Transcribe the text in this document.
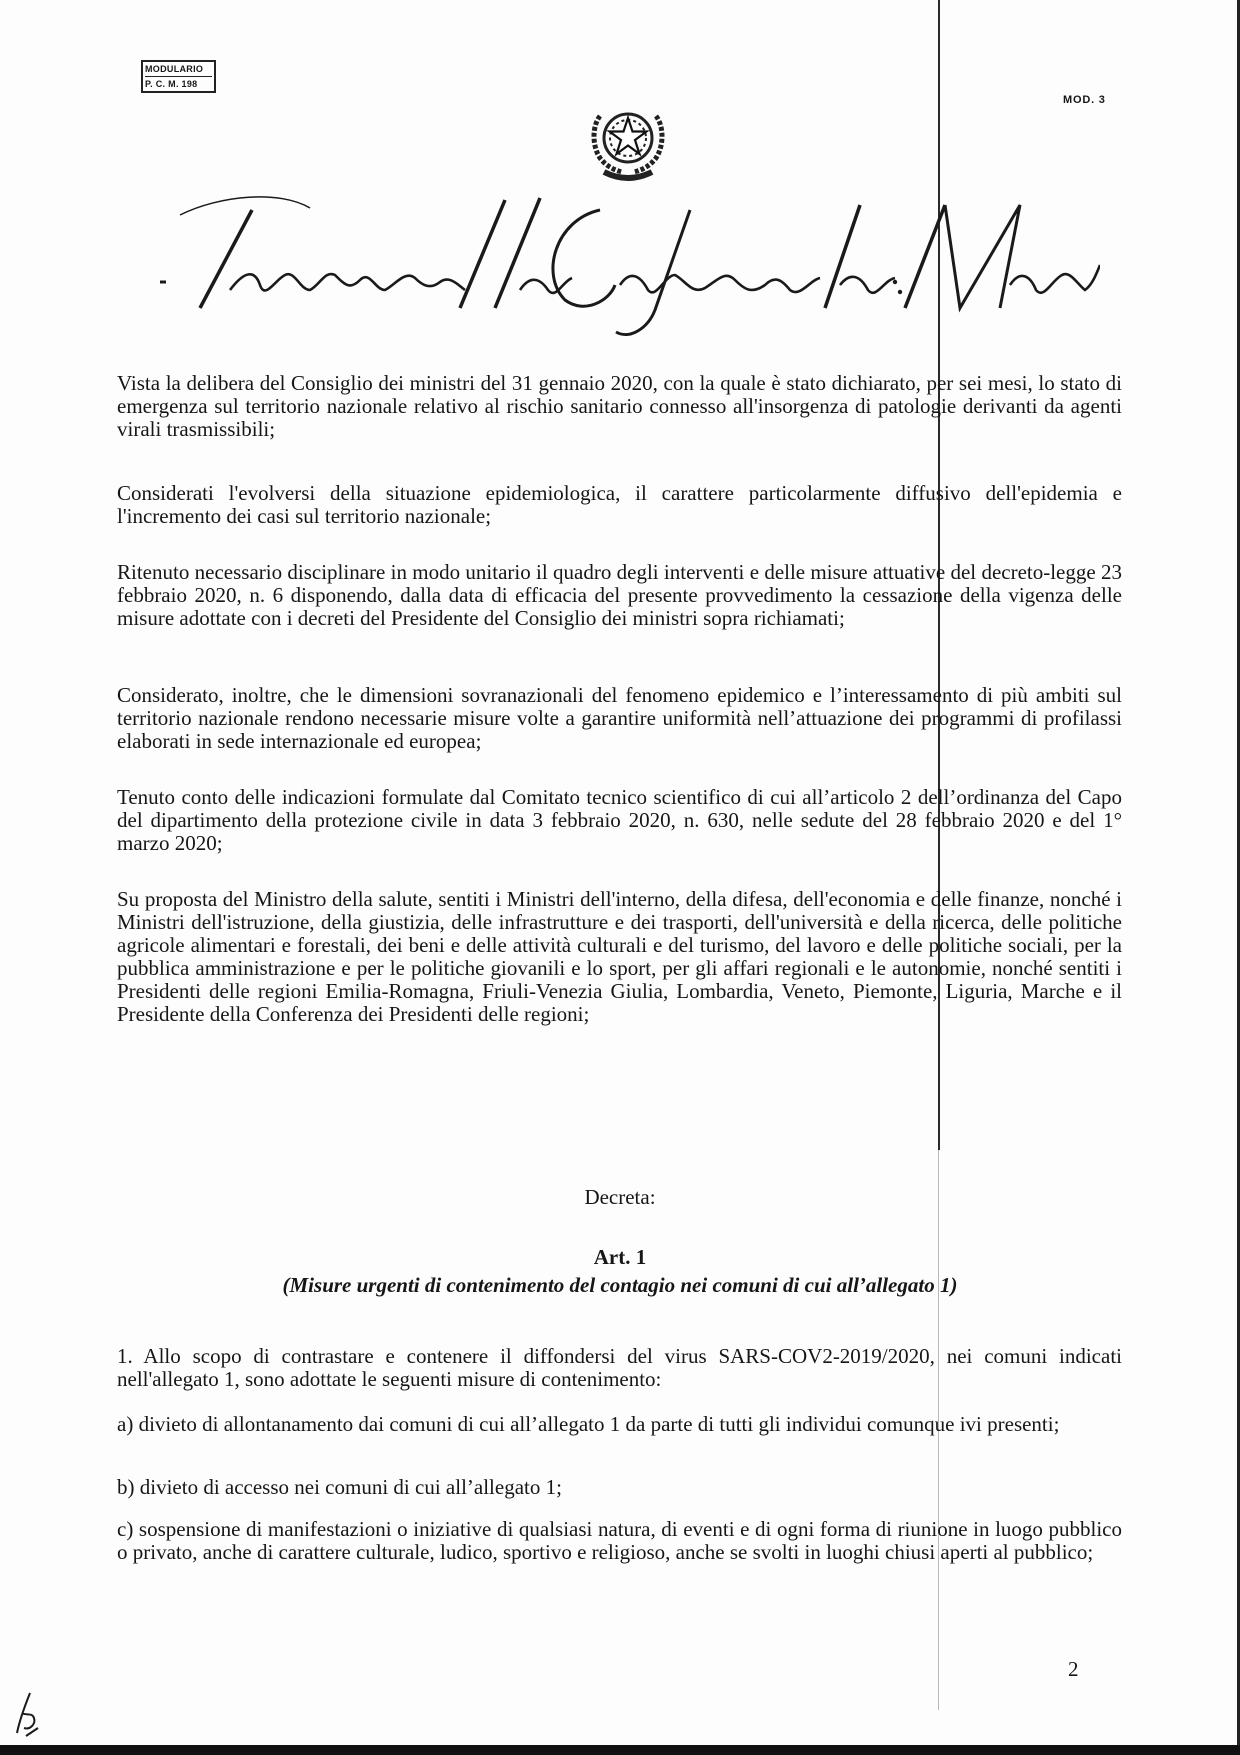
MODULARIO
P. C. M. 198
MOD. 3
Vista la delibera del Consiglio dei ministri del 31 gennaio 2020, con la quale è stato dichiarato, per sei mesi, lo stato di emergenza sul territorio nazionale relativo al rischio sanitario connesso all'insorgenza di patologie derivanti da agenti virali trasmissibili;
Considerati l'evolversi della situazione epidemiologica, il carattere particolarmente diffusivo dell'epidemia e l'incremento dei casi sul territorio nazionale;
Ritenuto necessario disciplinare in modo unitario il quadro degli interventi e delle misure attuative del decreto-legge 23 febbraio 2020, n. 6 disponendo, dalla data di efficacia del presente provvedimento la cessazione della vigenza delle misure adottate con i decreti del Presidente del Consiglio dei ministri sopra richiamati;
Considerato, inoltre, che le dimensioni sovranazionali del fenomeno epidemico e l’interessamento di più ambiti sul territorio nazionale rendono necessarie misure volte a garantire uniformità nell’attuazione dei programmi di profilassi elaborati in sede internazionale ed europea;
Tenuto conto delle indicazioni formulate dal Comitato tecnico scientifico di cui all’articolo 2 dell’ordinanza del Capo del dipartimento della protezione civile in data 3 febbraio 2020, n. 630, nelle sedute del 28 febbraio 2020 e del 1° marzo 2020;
Su proposta del Ministro della salute, sentiti i Ministri dell'interno, della difesa, dell'economia e delle finanze, nonché i Ministri dell'istruzione, della giustizia, delle infrastrutture e dei trasporti, dell'università e della ricerca, delle politiche agricole alimentari e forestali, dei beni e delle attività culturali e del turismo, del lavoro e delle politiche sociali, per la pubblica amministrazione e per le politiche giovanili e lo sport, per gli affari regionali e le autonomie, nonché sentiti i Presidenti delle regioni Emilia-Romagna, Friuli-Venezia Giulia, Lombardia, Veneto, Piemonte, Liguria, Marche e il Presidente della Conferenza dei Presidenti delle regioni;
Decreta:
Art. 1
(Misure urgenti di contenimento del contagio nei comuni di cui all’allegato 1)
1. Allo scopo di contrastare e contenere il diffondersi del virus SARS-COV2-2019/2020, nei comuni indicati nell'allegato 1, sono adottate le seguenti misure di contenimento:
a) divieto di allontanamento dai comuni di cui all’allegato 1 da parte di tutti gli individui comunque ivi presenti;
b) divieto di accesso nei comuni di cui all’allegato 1;
c) sospensione di manifestazioni o iniziative di qualsiasi natura, di eventi e di ogni forma di riunione in luogo pubblico o privato, anche di carattere culturale, ludico, sportivo e religioso, anche se svolti in luoghi chiusi aperti al pubblico;
2
